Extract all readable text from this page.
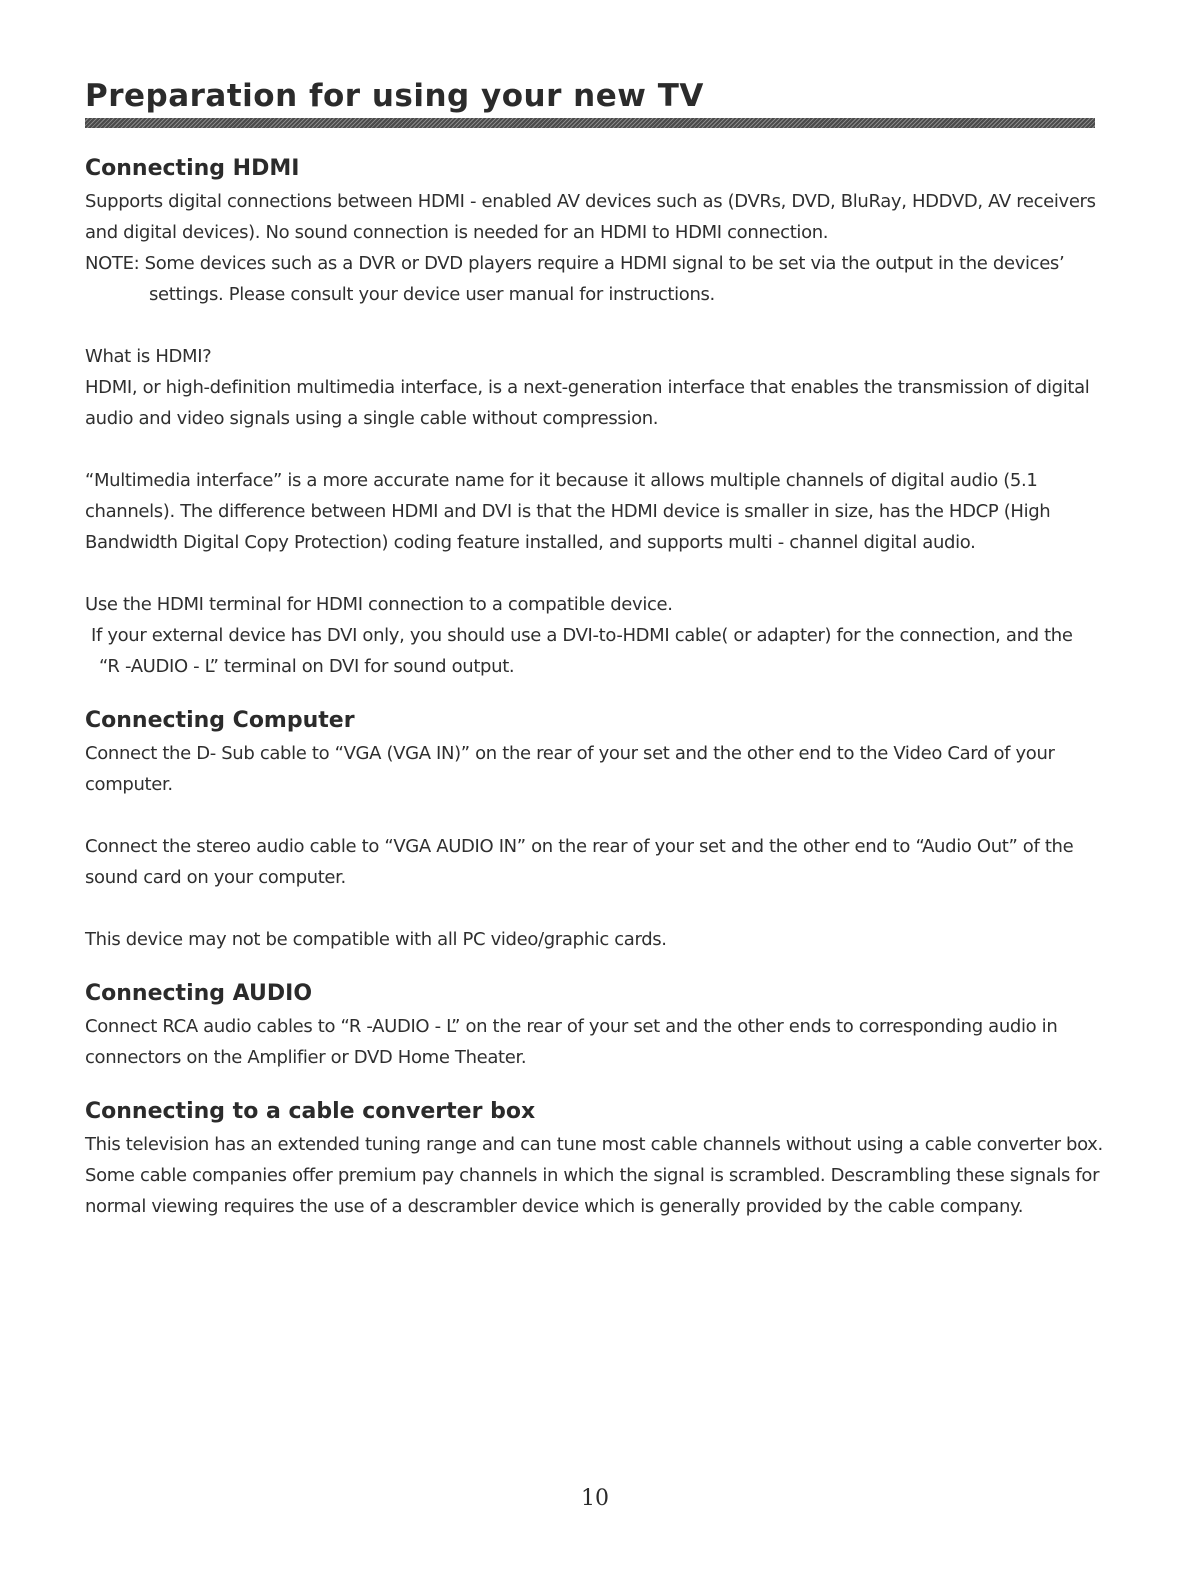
Preparation for using your new TV
Connecting HDMI

Supports digital connections between HDMI - enabled AV devices such as (DVRs, DVD, BluRay, HDDVD, AV receivers

and digital devices). No sound connection is needed for an HDMI to HDMI connection.

NOTE: Some devices such as a DVR or DVD players require a HDMI signal to be set via the output in the devices’

settings. Please consult your device user manual for instructions.

What is HDMI?

HDMI, or high-definition multimedia interface, is a next-generation interface that enables the transmission of digital

audio and video signals using a single cable without compression.

“Multimedia interface” is a more accurate name for it because it allows multiple channels of digital audio (5.1

channels). The difference between HDMI and DVI is that the HDMI device is smaller in size, has the HDCP (High

Bandwidth Digital Copy Protection) coding feature installed, and supports multi - channel digital audio.

Use the HDMI terminal for HDMI connection to a compatible device.

If your external device has DVI only, you should use a DVI-to-HDMI cable( or adapter) for the connection, and the

“R -AUDIO - L” terminal on DVI for sound output.

Connecting Computer

Connect the D- Sub cable to “VGA (VGA IN)” on the rear of your set and the other end to the Video Card of your

computer.

Connect the stereo audio cable to “VGA AUDIO IN” on the rear of your set and the other end to “Audio Out” of the

sound card on your computer.

This device may not be compatible with all PC video/graphic cards.

Connecting AUDIO

Connect RCA audio cables to “R -AUDIO - L” on the rear of your set and the other ends to corresponding audio in

connectors on the Amplifier or DVD Home Theater.

Connecting to a cable converter box

This television has an extended tuning range and can tune most cable channels without using a cable converter box.

Some cable companies offer premium pay channels in which the signal is scrambled. Descrambling these signals for

normal viewing requires the use of a descrambler device which is generally provided by the cable company.

10
